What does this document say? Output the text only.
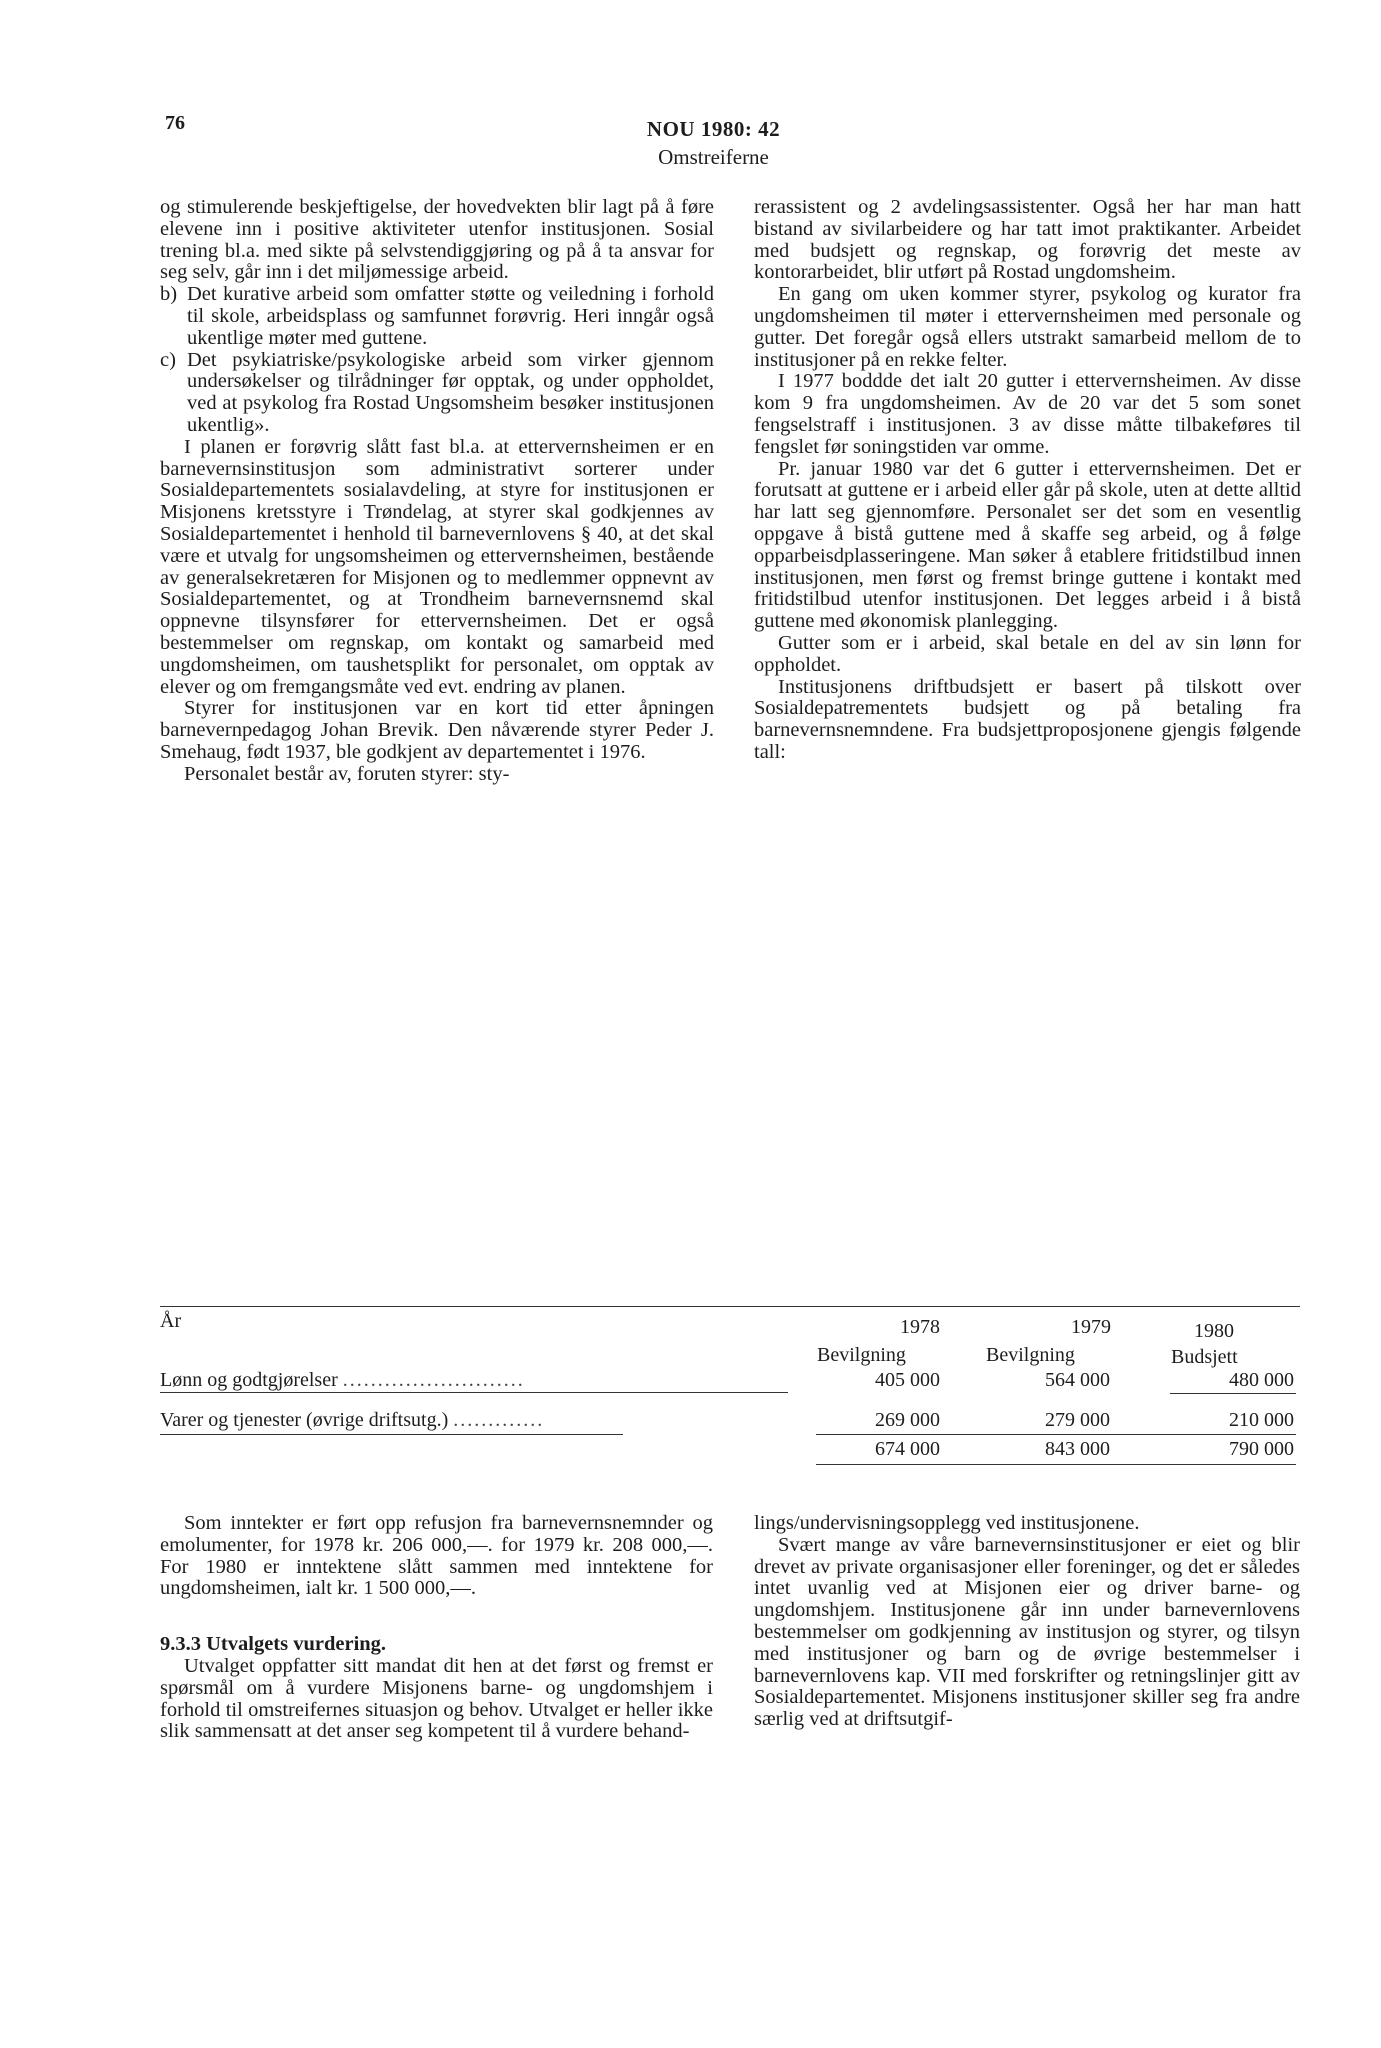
76	NOU 1980: 42
Omstreiferne

og stimulerende beskjeftigelse, der hovedvekten blir lagt på å føre elevene inn i positive aktiviteter utenfor institusjonen. Sosial trening bl.a. med sikte på selvstendiggjøring og på å ta ansvar for seg selv, går inn i det miljømessige arbeid.

b) Det kurative arbeid som omfatter støtte og veiledning i forhold til skole, arbeidsplass og samfunnet forøvrig. Heri inngår også ukentlige møter med guttene.
c) Det psykiatriske/psykologiske arbeid som virker gjennom undersøkelser og tilrådninger før opptak, og under oppholdet, ved at psykolog fra Rostad Ungsomsheim besøker institusjonen ukentlig».

I planen er forøvrig slått fast bl.a. at ettervernsheimen er en barnevernsinstitusjon som administrativt sorterer under Sosialdepartementets sosialavdeling, at styre for institusjonen er Misjonens kretsstyre i Trøndelag, at styrer skal godkjennes av Sosialdepartementet i henhold til barnevernlovens § 40, at det skal være et utvalg for ungsomsheimen og ettervernsheimen, bestående av generalsekretæren for Misjonen og to medlemmer oppnevnt av Sosialdepartementet, og at Trondheim barnevernsnemd skal oppnevne tilsynsfører for ettervernsheimen. Det er også bestemmelser om regnskap, om kontakt og samarbeid med ungdomsheimen, om taushetsplikt for personalet, om opptak av elever og om fremgangsmåte ved evt. endring av planen.

Styrer for institusjonen var en kort tid etter åpningen barnevernpedagog Johan Brevik. Den nåværende styrer Peder J. Smehaug, født 1937, ble godkjent av departementet i 1976.

Personalet består av, foruten styrer: sty-

rerassistent og 2 avdelingsassistenter. Også her har man hatt bistand av sivilarbeidere og har tatt imot praktikanter. Arbeidet med budsjett og regnskap, og forøvrig det meste av kontorarbeidet, blir utført på Rostad ungdomsheim.

En gang om uken kommer styrer, psykolog og kurator fra ungdomsheimen til møter i ettervernsheimen med personale og gutter. Det foregår også ellers utstrakt samarbeid mellom de to institusjoner på en rekke felter.

I 1977 boddde det ialt 20 gutter i ettervernsheimen. Av disse kom 9 fra ungdomsheimen. Av de 20 var det 5 som sonet fengselstraff i institusjonen. 3 av disse måtte tilbakeføres til fengslet før soningstiden var omme.

Pr. januar 1980 var det 6 gutter i ettervernsheimen. Det er forutsatt at guttene er i arbeid eller går på skole, uten at dette alltid har latt seg gjennomføre. Personalet ser det som en vesentlig oppgave å bistå guttene med å skaffe seg arbeid, og å følge opparbeisdplasseringene. Man søker å etablere fritidstilbud innen institusjonen, men først og fremst bringe guttene i kontakt med fritidstilbud utenfor institusjonen. Det legges arbeid i å bistå guttene med økonomisk planlegging.

Gutter som er i arbeid, skal betale en del av sin lønn for oppholdet.

Institusjonens driftbudsjett er basert på tilskott over Sosialdepatrementets budsjett og på betaling fra barnevernsnemndene. Fra budsjettproposjonene gjengis følgende tall:

År	1978	1979	1980
Bevilgning	Bevilgning	Budsjett
Lønn og godtgjørelser ..........................	405 000	564 000	480 000
Varer og tjenester (øvrige driftsutg.) .............	269 000	279 000	210 000
674 000	843 000	790 000

Som inntekter er ført opp refusjon fra barnevernsnemnder og emolumenter, for 1978 kr. 206 000,—. for 1979 kr. 208 000,—. For 1980 er inntektene slått sammen med inntektene for ungdomsheimen, ialt kr. 1 500 000,—.

9.3.3 Utvalgets vurdering.

Utvalget oppfatter sitt mandat dit hen at det først og fremst er spørsmål om å vurdere Misjonens barne- og ungdomshjem i forhold til omstreifernes situasjon og behov. Utvalget er heller ikke slik sammensatt at det anser seg kompetent til å vurdere behand-

lings/undervisningsopplegg ved institusjonene.

Svært mange av våre barnevernsinstitusjoner er eiet og blir drevet av private organisasjoner eller foreninger, og det er således intet uvanlig ved at Misjonen eier og driver barne- og ungdomshjem. Institusjonene går inn under barnevernlovens bestemmelser om godkjenning av institusjon og styrer, og tilsyn med institusjoner og barn og de øvrige bestemmelser i barnevernlovens kap. VII med forskrifter og retningslinjer gitt av Sosialdepartementet. Misjonens institusjoner skiller seg fra andre særlig ved at driftsutgif-
